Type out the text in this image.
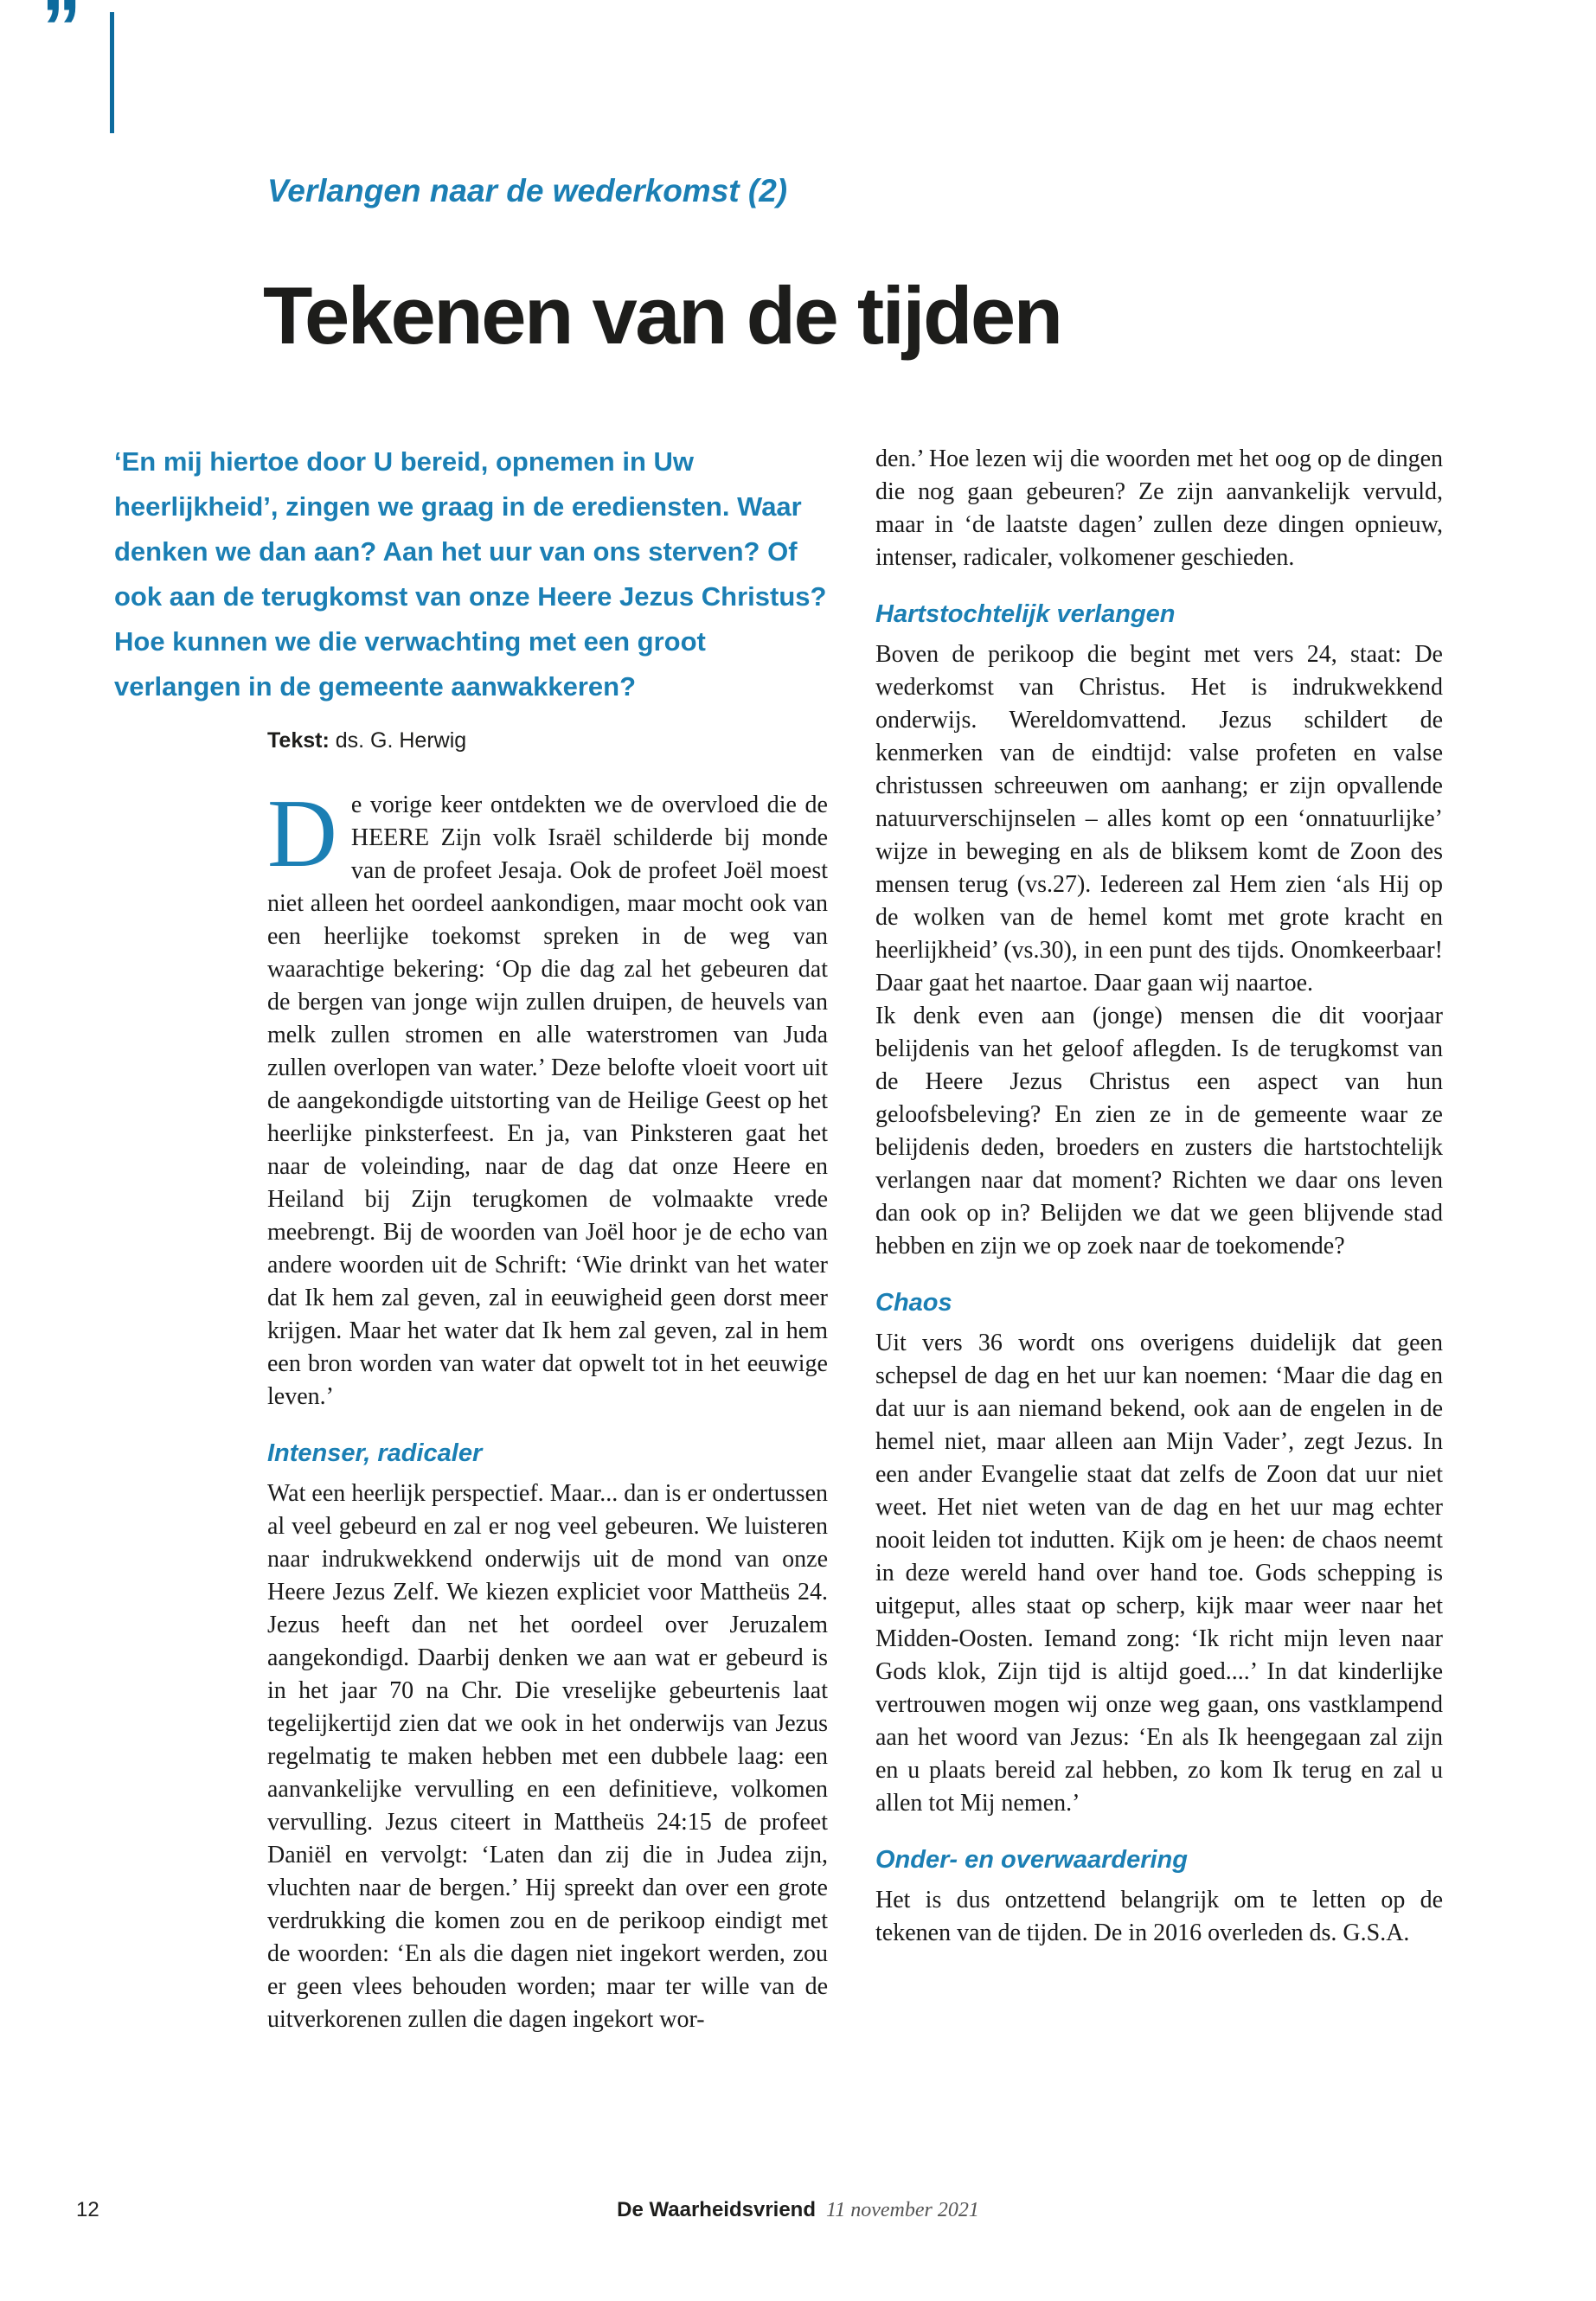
”
Verlangen naar de wederkomst (2)
Tekenen van de tijden
‘En mij hiertoe door U bereid, opnemen in Uw heerlijkheid’, zingen we graag in de erediensten. Waar denken we dan aan? Aan het uur van ons sterven? Of ook aan de terugkomst van onze Heere Jezus Christus? Hoe kunnen we die verwachting met een groot verlangen in de gemeente aanwakkeren?
Tekst: ds. G. Herwig

De vorige keer ontdekten we de overvloed die de HEERE Zijn volk Israël schilderde bij monde van de profeet Jesaja. Ook de profeet Joël moest niet alleen het oordeel aankondigen, maar mocht ook van een heerlijke toekomst spreken in de weg van waarachtige bekering: ‘Op die dag zal het gebeuren dat de bergen van jonge wijn zullen druipen, de heuvels van melk zullen stromen en alle waterstromen van Juda zullen overlopen van water.’ Deze belofte vloeit voort uit de aangekondigde uitstorting van de Heilige Geest op het heerlijke pinksterfeest. En ja, van Pinksteren gaat het naar de voleinding, naar de dag dat onze Heere en Heiland bij Zijn terugkomen de volmaakte vrede meebrengt. Bij de woorden van Joël hoor je de echo van andere woorden uit de Schrift: ‘Wie drinkt van het water dat Ik hem zal geven, zal in eeuwigheid geen dorst meer krijgen. Maar het water dat Ik hem zal geven, zal in hem een bron worden van water dat opwelt tot in het eeuwige leven.’

Intenser, radicaler

Wat een heerlijk perspectief. Maar... dan is er ondertussen al veel gebeurd en zal er nog veel gebeuren. We luisteren naar indrukwekkend onderwijs uit de mond van onze Heere Jezus Zelf. We kiezen expliciet voor Mattheüs 24. Jezus heeft dan net het oordeel over Jeruzalem aangekondigd. Daarbij denken we aan wat er gebeurd is in het jaar 70 na Chr. Die vreselijke gebeurtenis laat tegelijkertijd zien dat we ook in het onderwijs van Jezus regelmatig te maken hebben met een dubbele laag: een aanvankelijke vervulling en een definitieve, volkomen vervulling. Jezus citeert in Mattheüs 24:15 de profeet Daniël en vervolgt: ‘Laten dan zij die in Judea zijn, vluchten naar de bergen.’ Hij spreekt dan over een grote verdrukking die komen zou en de perikoop eindigt met de woorden: ‘En als die dagen niet ingekort werden, zou er geen vlees behouden worden; maar ter wille van de uitverkorenen zullen die dagen ingekort wor-

den.’ Hoe lezen wij die woorden met het oog op de dingen die nog gaan gebeuren? Ze zijn aanvankelijk vervuld, maar in ‘de laatste dagen’ zullen deze dingen opnieuw, intenser, radicaler, volkomener geschieden.

Hartstochtelijk verlangen

Boven de perikoop die begint met vers 24, staat: De wederkomst van Christus. Het is indrukwekkend onderwijs. Wereldomvattend. Jezus schildert de kenmerken van de eindtijd: valse profeten en valse christussen schreeuwen om aanhang; er zijn opvallende natuurverschijnselen – alles komt op een ‘onnatuurlijke’ wijze in beweging en als de bliksem komt de Zoon des mensen terug (vs.27). Iedereen zal Hem zien ‘als Hij op de wolken van de hemel komt met grote kracht en heerlijkheid’ (vs.30), in een punt des tijds. Onomkeerbaar! Daar gaat het naartoe. Daar gaan wij naartoe.

Ik denk even aan (jonge) mensen die dit voorjaar belijdenis van het geloof aflegden. Is de terugkomst van de Heere Jezus Christus een aspect van hun geloofsbeleving? En zien ze in de gemeente waar ze belijdenis deden, broeders en zusters die hartstochtelijk verlangen naar dat moment? Richten we daar ons leven dan ook op in? Belijden we dat we geen blijvende stad hebben en zijn we op zoek naar de toekomende?

Chaos

Uit vers 36 wordt ons overigens duidelijk dat geen schepsel de dag en het uur kan noemen: ‘Maar die dag en dat uur is aan niemand bekend, ook aan de engelen in de hemel niet, maar alleen aan Mijn Vader’, zegt Jezus. In een ander Evangelie staat dat zelfs de Zoon dat uur niet weet. Het niet weten van de dag en het uur mag echter nooit leiden tot indutten. Kijk om je heen: de chaos neemt in deze wereld hand over hand toe. Gods schepping is uitgeput, alles staat op scherp, kijk maar weer naar het Midden-Oosten. Iemand zong: ‘Ik richt mijn leven naar Gods klok, Zijn tijd is altijd goed....’ In dat kinderlijke vertrouwen mogen wij onze weg gaan, ons vastklampend aan het woord van Jezus: ‘En als Ik heengegaan zal zijn en u plaats bereid zal hebben, zo kom Ik terug en zal u allen tot Mij nemen.’

Onder- en overwaardering

Het is dus ontzettend belangrijk om te letten op de tekenen van de tijden. De in 2016 overleden ds. G.S.A.

12	De Waarheidsvriend 11 november 2021
